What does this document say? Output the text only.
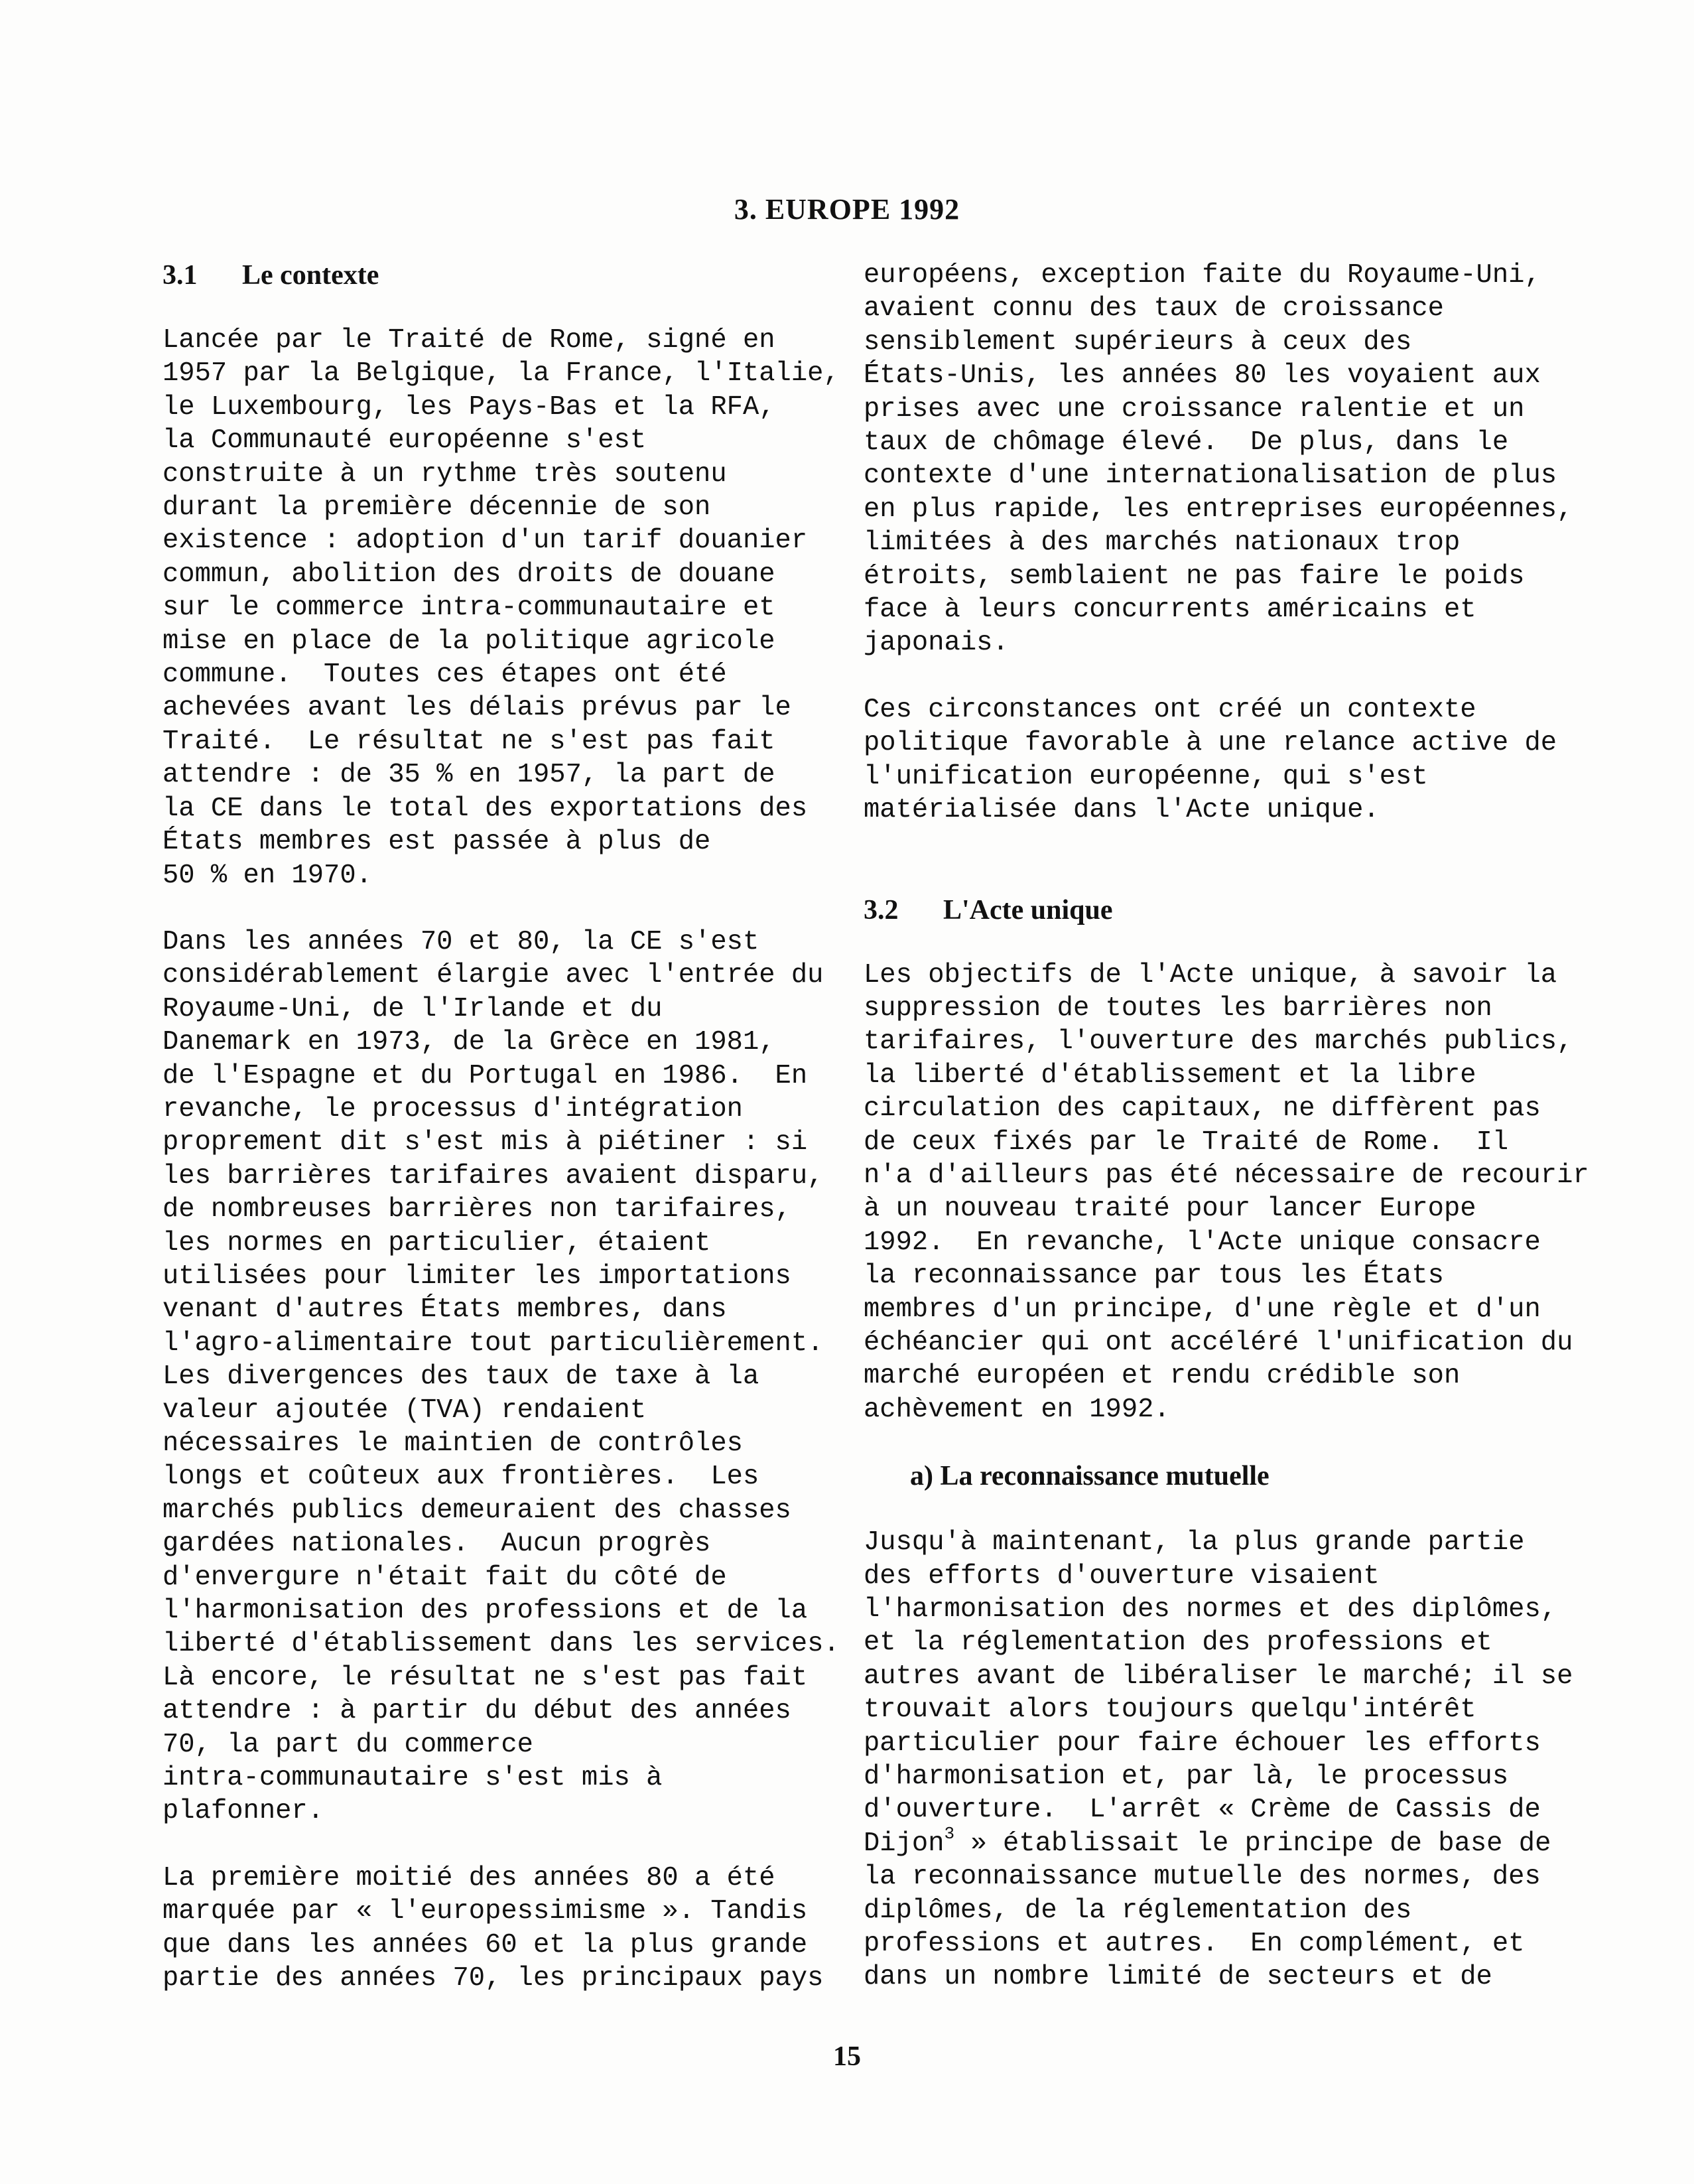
3. EUROPE 1992
3.1 Le contexte

Lancée par le Traité de Rome, signé en
1957 par la Belgique, la France, l'Italie,
le Luxembourg, les Pays-Bas et la RFA,
la Communauté européenne s'est
construite à un rythme très soutenu
durant la première décennie de son
existence : adoption d'un tarif douanier
commun, abolition des droits de douane
sur le commerce intra-communautaire et
mise en place de la politique agricole
commune.  Toutes ces étapes ont été
achevées avant les délais prévus par le
Traité.  Le résultat ne s'est pas fait
attendre : de 35 % en 1957, la part de
la CE dans le total des exportations des
États membres est passée à plus de
50 % en 1970.

Dans les années 70 et 80, la CE s'est
considérablement élargie avec l'entrée du
Royaume-Uni, de l'Irlande et du
Danemark en 1973, de la Grèce en 1981,
de l'Espagne et du Portugal en 1986.  En
revanche, le processus d'intégration
proprement dit s'est mis à piétiner : si
les barrières tarifaires avaient disparu,
de nombreuses barrières non tarifaires,
les normes en particulier, étaient
utilisées pour limiter les importations
venant d'autres États membres, dans
l'agro-alimentaire tout particulièrement.
Les divergences des taux de taxe à la
valeur ajoutée (TVA) rendaient
nécessaires le maintien de contrôles
longs et coûteux aux frontières.  Les
marchés publics demeuraient des chasses
gardées nationales.  Aucun progrès
d'envergure n'était fait du côté de
l'harmonisation des professions et de la
liberté d'établissement dans les services.
Là encore, le résultat ne s'est pas fait
attendre : à partir du début des années
70, la part du commerce
intra-communautaire s'est mis à
plafonner.

La première moitié des années 80 a été
marquée par « l'europessimisme ». Tandis
que dans les années 60 et la plus grande
partie des années 70, les principaux pays

européens, exception faite du Royaume-Uni,
avaient connu des taux de croissance
sensiblement supérieurs à ceux des
États-Unis, les années 80 les voyaient aux
prises avec une croissance ralentie et un
taux de chômage élevé.  De plus, dans le
contexte d'une internationalisation de plus
en plus rapide, les entreprises européennes,
limitées à des marchés nationaux trop
étroits, semblaient ne pas faire le poids
face à leurs concurrents américains et
japonais.

Ces circonstances ont créé un contexte
politique favorable à une relance active de
l'unification européenne, qui s'est
matérialisée dans l'Acte unique.

3.2 L'Acte unique

Les objectifs de l'Acte unique, à savoir la
suppression de toutes les barrières non
tarifaires, l'ouverture des marchés publics,
la liberté d'établissement et la libre
circulation des capitaux, ne diffèrent pas
de ceux fixés par le Traité de Rome.  Il
n'a d'ailleurs pas été nécessaire de recourir
à un nouveau traité pour lancer Europe
1992.  En revanche, l'Acte unique consacre
la reconnaissance par tous les États
membres d'un principe, d'une règle et d'un
échéancier qui ont accéléré l'unification du
marché européen et rendu crédible son
achèvement en 1992.

a) La reconnaissance mutuelle

Jusqu'à maintenant, la plus grande partie
des efforts d'ouverture visaient
l'harmonisation des normes et des diplômes,
et la réglementation des professions et
autres avant de libéraliser le marché; il se
trouvait alors toujours quelqu'intérêt
particulier pour faire échouer les efforts
d'harmonisation et, par là, le processus
d'ouverture.  L'arrêt « Crème de Cassis de
Dijon$^3$ » établissait le principe de base de
la reconnaissance mutuelle des normes, des
diplômes, de la réglementation des
professions et autres.  En complément, et
dans un nombre limité de secteurs et de

15
